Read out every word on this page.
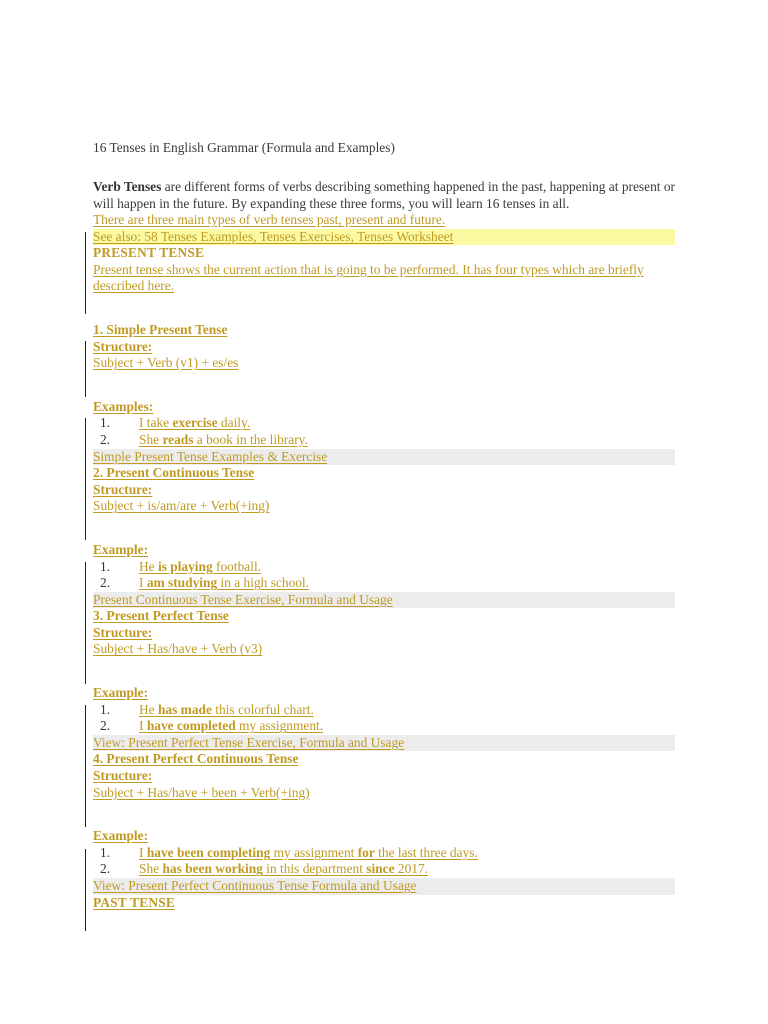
16 Tenses in English Grammar (Formula and Examples)

Verb Tenses are different forms of verbs describing something happened in the past, happening at present or will happen in the future. By expanding these three forms, you will learn 16 tenses in all.

There are three main types of verb tenses past, present and future.

See also: 58 Tenses Examples, Tenses Exercises, Tenses Worksheet

PRESENT TENSE

Present tense shows the current action that is going to be performed. It has four types which are briefly described here.

1. Simple Present Tense

Structure:

Subject + Verb (v1) + es/es

Examples:

1. I take exercise daily.
2. She reads a book in the library.

Simple Present Tense Examples & Exercise

2. Present Continuous Tense

Structure:

Subject + is/am/are + Verb(+ing)

Example:

1. He is playing football.
2. I am studying in a high school.

Present Continuous Tense Exercise, Formula and Usage

3. Present Perfect Tense

Structure:

Subject + Has/have + Verb (v3)

Example:

1. He has made this colorful chart.
2. I have completed my assignment.

View: Present Perfect Tense Exercise, Formula and Usage

4. Present Perfect Continuous Tense

Structure:

Subject + Has/have + been + Verb(+ing)

Example:

1. I have been completing my assignment for the last three days.
2. She has been working in this department since 2017.

View: Present Perfect Continuous Tense Formula and Usage

PAST TENSE
